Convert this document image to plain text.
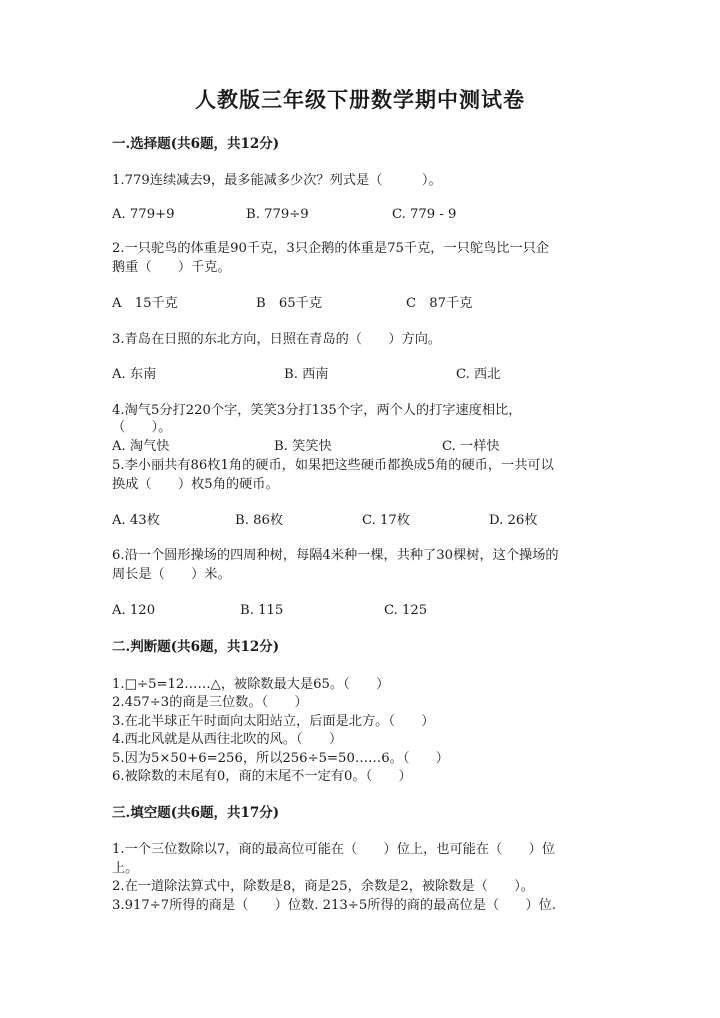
人教版三年级下册数学期中测试卷
一.选择题(共6题，共12分)
1.779连续减去9，最多能减多少次？列式是（　　　）。
A. 779+9	B. 779÷9	C. 779 - 9
2.一只驼鸟的体重是90千克，3只企鹅的体重是75千克，一只鸵鸟比一只企
鹅重（　　）千克。
A　15千克	B　65千克	C　87千克
3.青岛在日照的东北方向，日照在青岛的（　　）方向。
A. 东南	B. 西南	C. 西北
4.淘气5分打220个字，笑笑3分打135个字，两个人的打字速度相比，
（　　）。
A. 淘气快	B. 笑笑快	C. 一样快
5.李小丽共有86枚1角的硬币，如果把这些硬币都换成5角的硬币，一共可以
换成（　　）枚5角的硬币。
A. 43枚	B. 86枚	C. 17枚	D. 26枚
6.沿一个圆形操场的四周种树，每隔4米种一棵，共种了30棵树，这个操场的
周长是（　　）米。
A. 120	B. 115	C. 125
二.判断题(共6题，共12分)
1.□÷5=12……△，被除数最大是65。（　　）
2.457÷3的商是三位数。（　　）
3.在北半球正午时面向太阳站立，后面是北方。（　　）
4.西北风就是从西往北吹的风。（　　）
5.因为5×50+6=256，所以256÷5=50……6。（　　）
6.被除数的末尾有0，商的末尾不一定有0。（　　）
三.填空题(共6题，共17分)
1.一个三位数除以7，商的最高位可能在（　　）位上，也可能在（　　）位
上。
2.在一道除法算式中，除数是8，商是25，余数是2，被除数是（　　）。
3.917÷7所得的商是（　　）位数. 213÷5所得的商的最高位是（　　）位.
